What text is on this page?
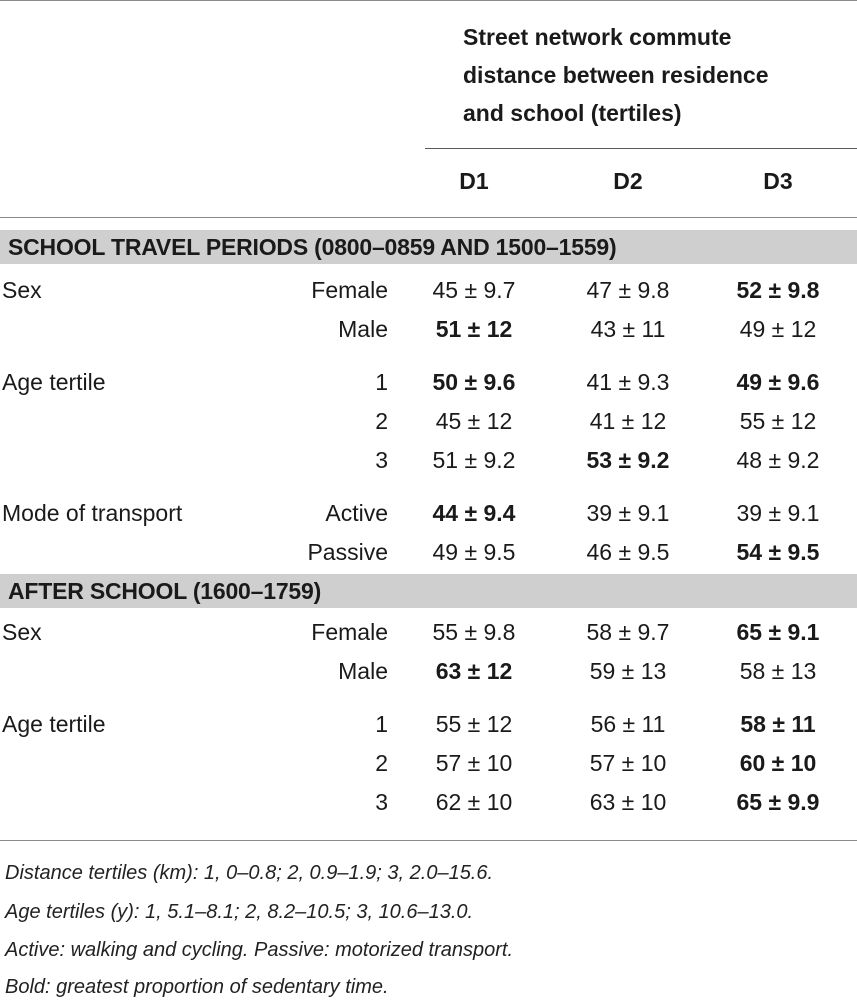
Street network commute
distance between residence
and school (tertiles)
D1	D2	D3
SCHOOL TRAVEL PERIODS (0800–0859 AND 1500–1559)
Sex	Female	45 ± 9.7	47 ± 9.8	52 ± 9.8
Male	51 ± 12	43 ± 11	49 ± 12
Age tertile	1	50 ± 9.6	41 ± 9.3	49 ± 9.6
2	45 ± 12	41 ± 12	55 ± 12
3	51 ± 9.2	53 ± 9.2	48 ± 9.2
Mode of transport	Active	44 ± 9.4	39 ± 9.1	39 ± 9.1
Passive	49 ± 9.5	46 ± 9.5	54 ± 9.5
AFTER SCHOOL (1600–1759)
Sex	Female	55 ± 9.8	58 ± 9.7	65 ± 9.1
Male	63 ± 12	59 ± 13	58 ± 13
Age tertile	1	55 ± 12	56 ± 11	58 ± 11
2	57 ± 10	57 ± 10	60 ± 10
3	62 ± 10	63 ± 10	65 ± 9.9
Distance tertiles (km): 1, 0–0.8; 2, 0.9–1.9; 3, 2.0–15.6.
Age tertiles (y): 1, 5.1–8.1; 2, 8.2–10.5; 3, 10.6–13.0.
Active: walking and cycling. Passive: motorized transport.
Bold: greatest proportion of sedentary time.
